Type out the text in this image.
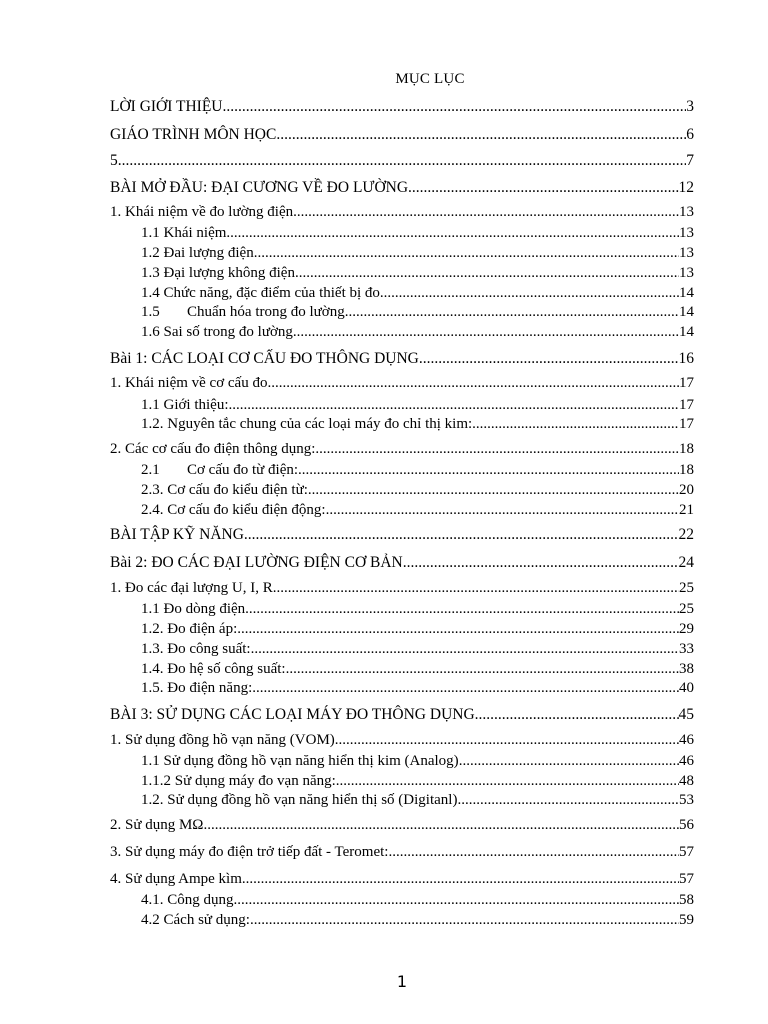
MỤC LỤC
LỜI GIỚI THIỆU .....	3
GIÁO TRÌNH MÔN HỌC .....	6
5 .....	7
BÀI MỞ ĐẦU: ĐẠI CƯƠNG VỀ ĐO LƯỜNG .....	12
1. Khái niệm về đo lường điện .....	13
1.1 Khái niệm .....	13
1.2 Đai lượng điện .....	13
1.3 Đại lượng không điện .....	13
1.4 Chức năng, đặc điểm của thiết bị đo .....	14
1.5 Chuẩn hóa trong đo lường .....	14
1.6 Sai số trong đo lường .....	14
Bài 1: CÁC LOẠI CƠ CẤU ĐO THÔNG DỤNG .....	16
1. Khái niệm về cơ cấu đo .....	17
1.1 Giới thiệu: .....	17
1.2. Nguyên tắc chung của các loại máy đo chỉ thị kim: .....	17
2. Các cơ cấu đo điện thông dụng: .....	18
2.1 Cơ cấu đo từ điện: .....	18
2.3. Cơ cấu đo kiểu điện từ: .....	20
2.4. Cơ cấu đo kiểu điện động: .....	21
BÀI TẬP KỸ NĂNG .....	22
Bài 2: ĐO CÁC ĐẠI LƯỜNG ĐIỆN CƠ BẢN .....	24
1. Đo các đại lượng U, I, R .....	25
1.1 Đo dòng điện .....	25
1.2. Đo điện áp: .....	29
1.3. Đo công suất: .....	33
1.4. Đo hệ số công suất: .....	38
1.5. Đo điện năng: .....	40
BÀI 3: SỬ DỤNG CÁC LOẠI MÁY ĐO THÔNG DỤNG .....	45
1. Sử dụng đồng hồ vạn năng (VOM) .....	46
1.1 Sử dụng đồng hồ vạn năng hiển thị kim (Analog) .....	46
1.1.2 Sử dụng máy đo vạn năng: .....	48
1.2. Sử dụng đồng hồ vạn năng hiển thị số (Digitanl) .....	53
2. Sử dụng MΩ .....	56
3. Sử dụng máy đo điện trở tiếp đất - Teromet: .....	57
4. Sử dụng Ampe kìm .....	57
4.1. Công dụng .....	58
4.2 Cách sử dụng: .....	59
1
